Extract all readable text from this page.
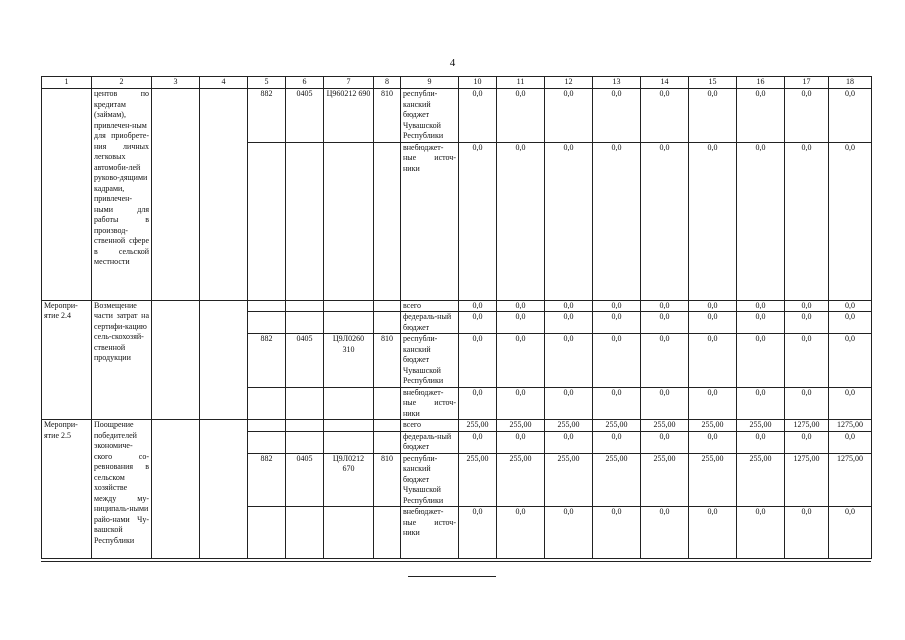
4
1	2	3	4	5	6	7	8	9	10	11	12	13	14	15	16	17	18
	центов по кредитам (займам), привлечен-ным для приобрете-ния личных легковых автомоби-лей руково-дящими кадрами, привлечен-ными для работы в производ-ственной сфере в сельской местности			882	0405	Ц960212 690	810	республи-канский бюджет Чувашской Республики	0,0	0,0	0,0	0,0	0,0	0,0	0,0	0,0	0,0
								внебюджет-ные источ-ники	0,0	0,0	0,0	0,0	0,0	0,0	0,0	0,0	0,0
Меропри-ятие 2.4	Возмещение части затрат на сертифи-кацию сель-скохозяй-ственной продукции							всего	0,0	0,0	0,0	0,0	0,0	0,0	0,0	0,0	0,0
								федераль-ный бюджет	0,0	0,0	0,0	0,0	0,0	0,0	0,0	0,0	0,0
				882	0405	Ц9Л0260 310	810	республи-канский бюджет Чувашской Республики	0,0	0,0	0,0	0,0	0,0	0,0	0,0	0,0	0,0
								внебюджет-ные источ-ники	0,0	0,0	0,0	0,0	0,0	0,0	0,0	0,0	0,0
Меропри-ятие 2.5	Поощрение победителей экономиче-ского со-ревнования в сельском хозяйстве между му-ниципаль-ными райо-нами Чу-вашской Республики							всего	255,00	255,00	255,00	255,00	255,00	255,00	255,00	1275,00	1275,00
								федераль-ный бюджет	0,0	0,0	0,0	0,0	0,0	0,0	0,0	0,0	0,0
				882	0405	Ц9Л0212 670	810	республи-канский бюджет Чувашской Республики	255,00	255,00	255,00	255,00	255,00	255,00	255,00	1275,00	1275,00
								внебюджет-ные источ-ники	0,0	0,0	0,0	0,0	0,0	0,0	0,0	0,0	0,0
